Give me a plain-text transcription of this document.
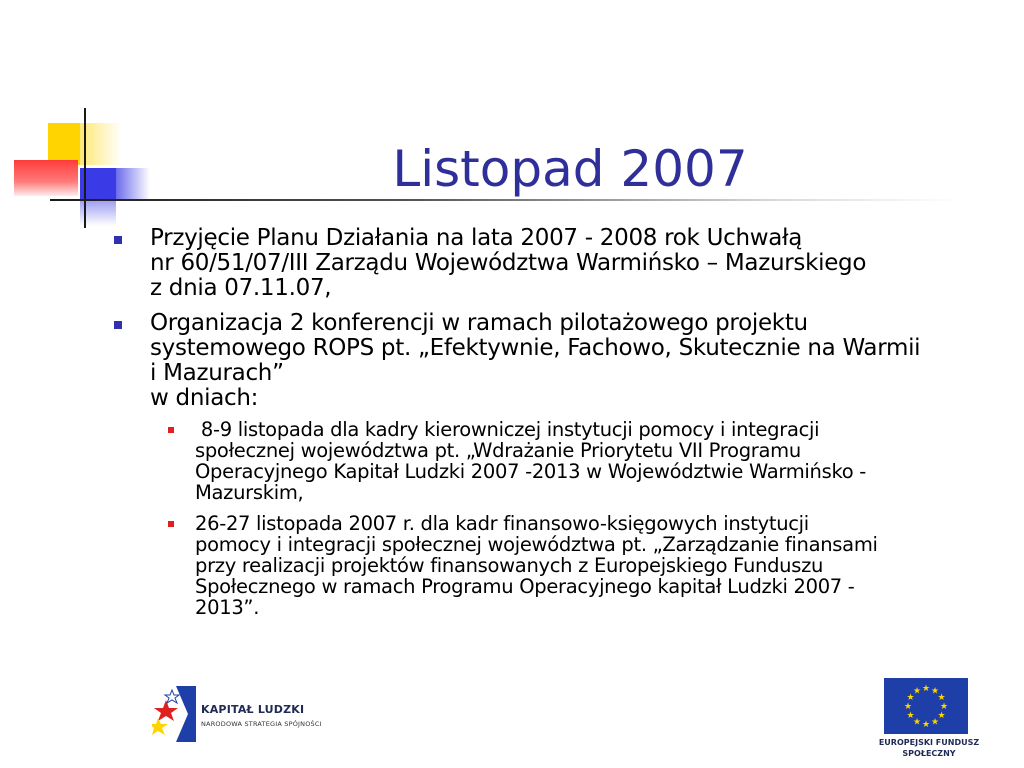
Listopad 2007

Przyjęcie Planu Działania na lata 2007 - 2008 rok Uchwałą

nr 60/51/07/III Zarządu Województwa Warmińsko – Mazurskiego

z dnia 07.11.07,

Organizacja 2 konferencji w ramach pilotażowego projektu

systemowego ROPS pt. „Efektywnie, Fachowo, Skutecznie na Warmii

i Mazurach”

w dniach:

8-9 listopada dla kadry kierowniczej instytucji pomocy i integracji

społecznej województwa pt. „Wdrażanie Priorytetu VII Programu

Operacyjnego Kapitał Ludzki 2007 -2013 w Województwie Warmińsko -

Mazurskim,

26-27 listopada 2007 r. dla kadr finansowo-księgowych instytucji

pomocy i integracji społecznej województwa pt. „Zarządzanie finansami

przy realizacji projektów finansowanych z Europejskiego Funduszu

Społecznego w ramach Programu Operacyjnego kapitał Ludzki 2007 -

2013”.

KAPITAŁ LUDZKI
NARODOWA STRATEGIA SPÓJNOŚCI
★ ★
★
★
★
★
★
★
★
★
★
★
EUROPEJSKI FUNDUSZ
SPOŁECZNY
